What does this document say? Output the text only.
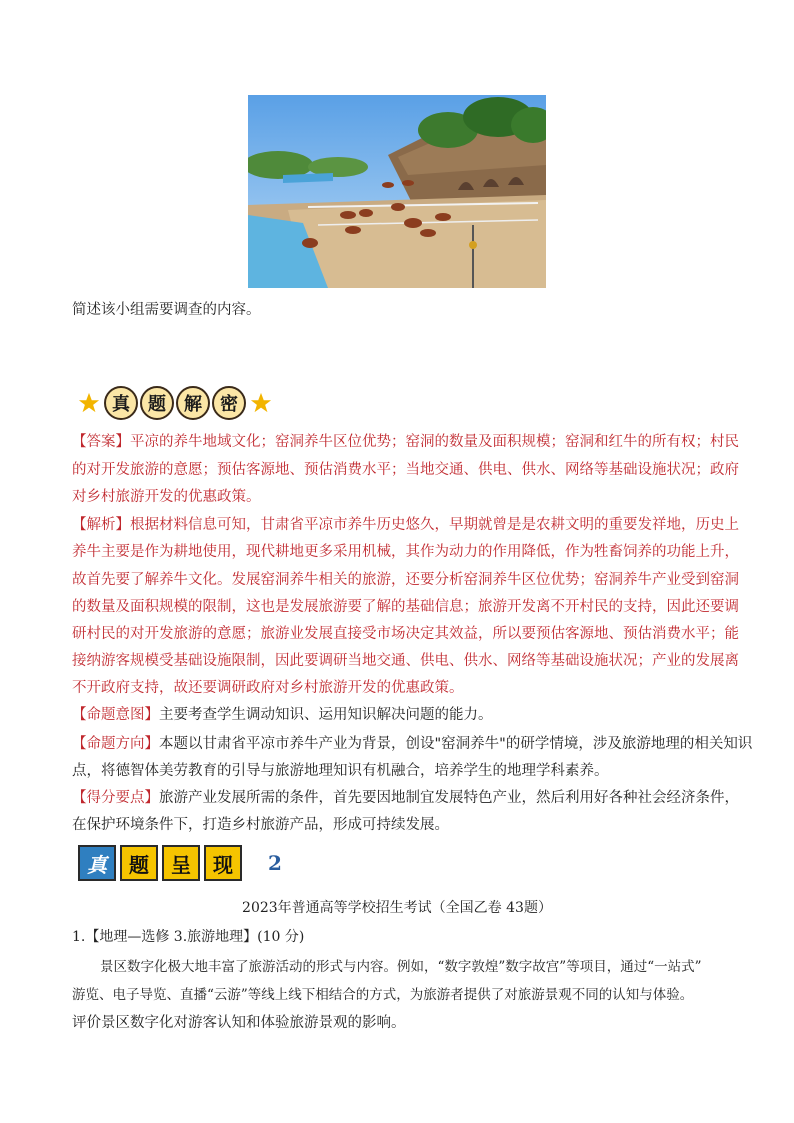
简述该小组需要调查的内容。
真	题	解	密
【答案】平凉的养牛地域文化；窑洞养牛区位优势；窑洞的数量及面积规模；窑洞和红牛的所有权；村民
的对开发旅游的意愿；预估客源地、预估消费水平；当地交通、供电、供水、网络等基础设施状况；政府
对乡村旅游开发的优惠政策。
【解析】根据材料信息可知，甘肃省平凉市养牛历史悠久，早期就曾是是农耕文明的重要发祥地，历史上
养牛主要是作为耕地使用，现代耕地更多采用机械，其作为动力的作用降低，作为牲畜饲养的功能上升，
故首先要了解养牛文化。发展窑洞养牛相关的旅游，还要分析窑洞养牛区位优势；窑洞养牛产业受到窑洞
的数量及面积规模的限制，这也是发展旅游要了解的基础信息；旅游开发离不开村民的支持，因此还要调
研村民的对开发旅游的意愿；旅游业发展直接受市场决定其效益，所以要预估客源地、预估消费水平；能
接纳游客规模受基础设施限制，因此要调研当地交通、供电、供水、网络等基础设施状况；产业的发展离
不开政府支持，故还要调研政府对乡村旅游开发的优惠政策。
【命题意图】主要考查学生调动知识、运用知识解决问题的能力。
【命题方向】本题以甘肃省平凉市养牛产业为背景，创设"窑洞养牛"的研学情境，涉及旅游地理的相关知识
点，将德智体美劳教育的引导与旅游地理知识有机融合，培养学生的地理学科素养。
【得分要点】旅游产业发展所需的条件，首先要因地制宜发展特色产业，然后利用好各种社会经济条件，
在保护环境条件下，打造乡村旅游产品，形成可持续发展。
真	题	呈	现	2
2023年普通高等学校招生考试（全国乙卷 43题）
1.【地理—选修 3.旅游地理】(10 分)
景区数字化极大地丰富了旅游活动的形式与内容。例如，“数字敦煌”数字故宫”等项目，通过“一站式”
游览、电子导览、直播“云游”等线上线下相结合的方式，为旅游者提供了对旅游景观不同的认知与体验。
评价景区数字化对游客认知和体验旅游景观的影响。
